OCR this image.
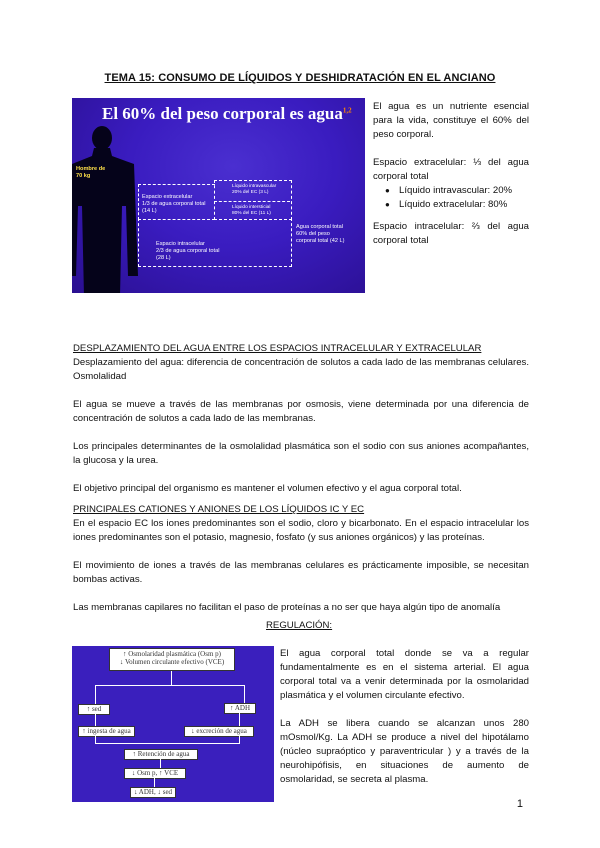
TEMA 15: CONSUMO DE LÍQUIDOS Y DESHIDRATACIÓN EN EL ANCIANO
El 60% del peso corporal es agua$^{1,2}$
Hombre de
70 kg
Espacio extracelular
1/3 de agua corporal total
(14 L)
Líquido intravascular
20% del EC (3 L)
Líquido intersticial
80% del EC (11 L)
Espacio intracelular
2/3 de agua corporal total
(28 L)
Agua corporal total
60% del peso
corporal total (42 L)
El agua es un nutriente esencial para la vida, constituye el 60% del peso corporal.
Espacio extracelular: ⅓ del agua corporal total
● Líquido intravascular: 20%
● Líquido extracelular: 80%
Espacio intracelular: ⅔ del agua corporal total
DESPLAZAMIENTO DEL AGUA ENTRE LOS ESPACIOS INTRACELULAR Y EXTRACELULAR
Desplazamiento del agua: diferencia de concentración de solutos a cada lado de las membranas celulares. Osmolalidad
El agua se mueve a través de las membranas por osmosis, viene determinada por una diferencia de concentración de solutos a cada lado de las membranas.
Los principales determinantes de la osmolalidad plasmática son el sodio con sus aniones acompañantes, la glucosa y la urea.
El objetivo principal del organismo es mantener el volumen efectivo y el agua corporal total.
PRINCIPALES CATIONES Y ANIONES DE LOS LÍQUIDOS IC Y EC
En el espacio EC los iones predominantes son el sodio, cloro y bicarbonato. En el espacio intracelular los iones predominantes son el potasio, magnesio, fosfato (y sus aniones orgánicos) y las proteínas.
El movimiento de iones a través de las membranas celulares es prácticamente imposible, se necesitan bombas activas.
Las membranas capilares no facilitan el paso de proteínas a no ser que haya algún tipo de anomalía
REGULACIÓN:
↑ Osmolaridad plasmática (Osm p)
↓ Volumen circulante efectivo (VCE)
↑ sed	↑ ADH
↑ ingesta de agua	↓ excreción de agua
↑ Retención de agua
↓ Osm p, ↑ VCE
↓ ADH, ↓ sed
El agua corporal total donde se va a regular fundamentalmente es en el sistema arterial. El agua corporal total va a venir determinada por la osmolaridad plasmática y el volumen circulante efectivo.
La ADH se libera cuando se alcanzan unos 280 mOsmol/Kg. La ADH se produce a nivel del hipotálamo (núcleo supraóptico y paraventricular ) y a través de la neurohipófisis, en situaciones de aumento de osmolaridad, se secreta al plasma.
1
